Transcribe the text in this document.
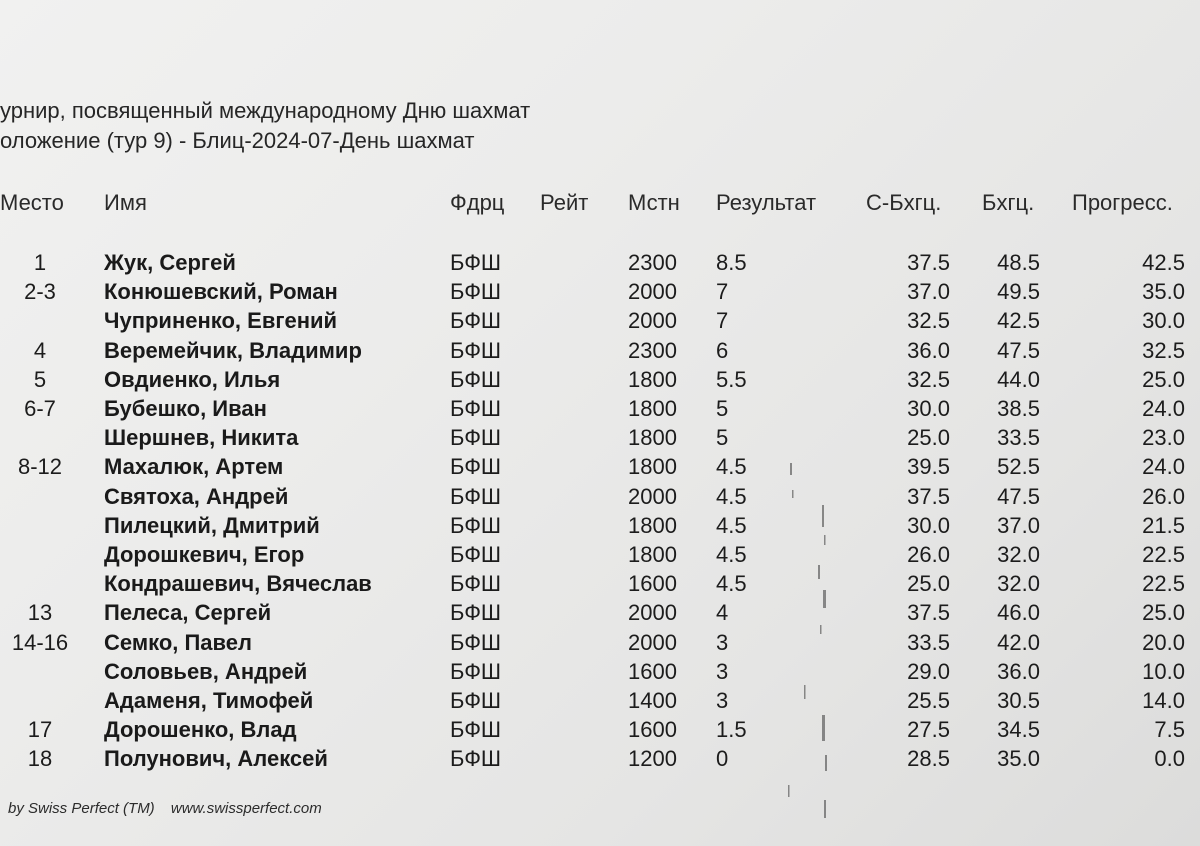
урнир, посвященный международному Дню шахмат
оложение (тур 9) - Блиц-2024-07-День шахмат
Место Имя	Фдрц Рейт Мстн Результат С-Бхгц. Бхгц. Прогресс.
1	Жук, Сергей	БФШ	2300 8.5	37.5	48.5	42.5
2-3	Конюшевский, Роман	БФШ	2000 7	37.0	49.5	35.0
Чуприненко, Евгений	БФШ	2000 7	32.5	42.5	30.0
4	Веремейчик, Владимир	БФШ	2300 6	36.0	47.5	32.5
5	Овдиенко, Илья	БФШ	1800 5.5	32.5	44.0	25.0
6-7	Бубешко, Иван	БФШ	1800 5	30.0	38.5	24.0
Шершнев, Никита	БФШ	1800 5	25.0	33.5	23.0
8-12	Махалюк, Артем	БФШ	1800 4.5	39.5	52.5	24.0
Святоха, Андрей	БФШ	2000 4.5	37.5	47.5	26.0
Пилецкий, Дмитрий	БФШ	1800 4.5	30.0	37.0	21.5
Дорошкевич, Егор	БФШ	1800 4.5	26.0	32.0	22.5
Кондрашевич, Вячеслав	БФШ	1600 4.5	25.0	32.0	22.5
13	Пелеса, Сергей	БФШ	2000 4	37.5	46.0	25.0
14-16	Семко, Павел	БФШ	2000 3	33.5	42.0	20.0
Соловьев, Андрей	БФШ	1600 3	29.0	36.0	10.0
Адаменя, Тимофей	БФШ	1400 3	25.5	30.5	14.0
17	Дорошенко, Влад	БФШ	1600 1.5	27.5	34.5	7.5
18	Полунович, Алексей	БФШ	1200 0	28.5	35.0	0.0
by Swiss Perfect (TM) www.swissperfect.com
